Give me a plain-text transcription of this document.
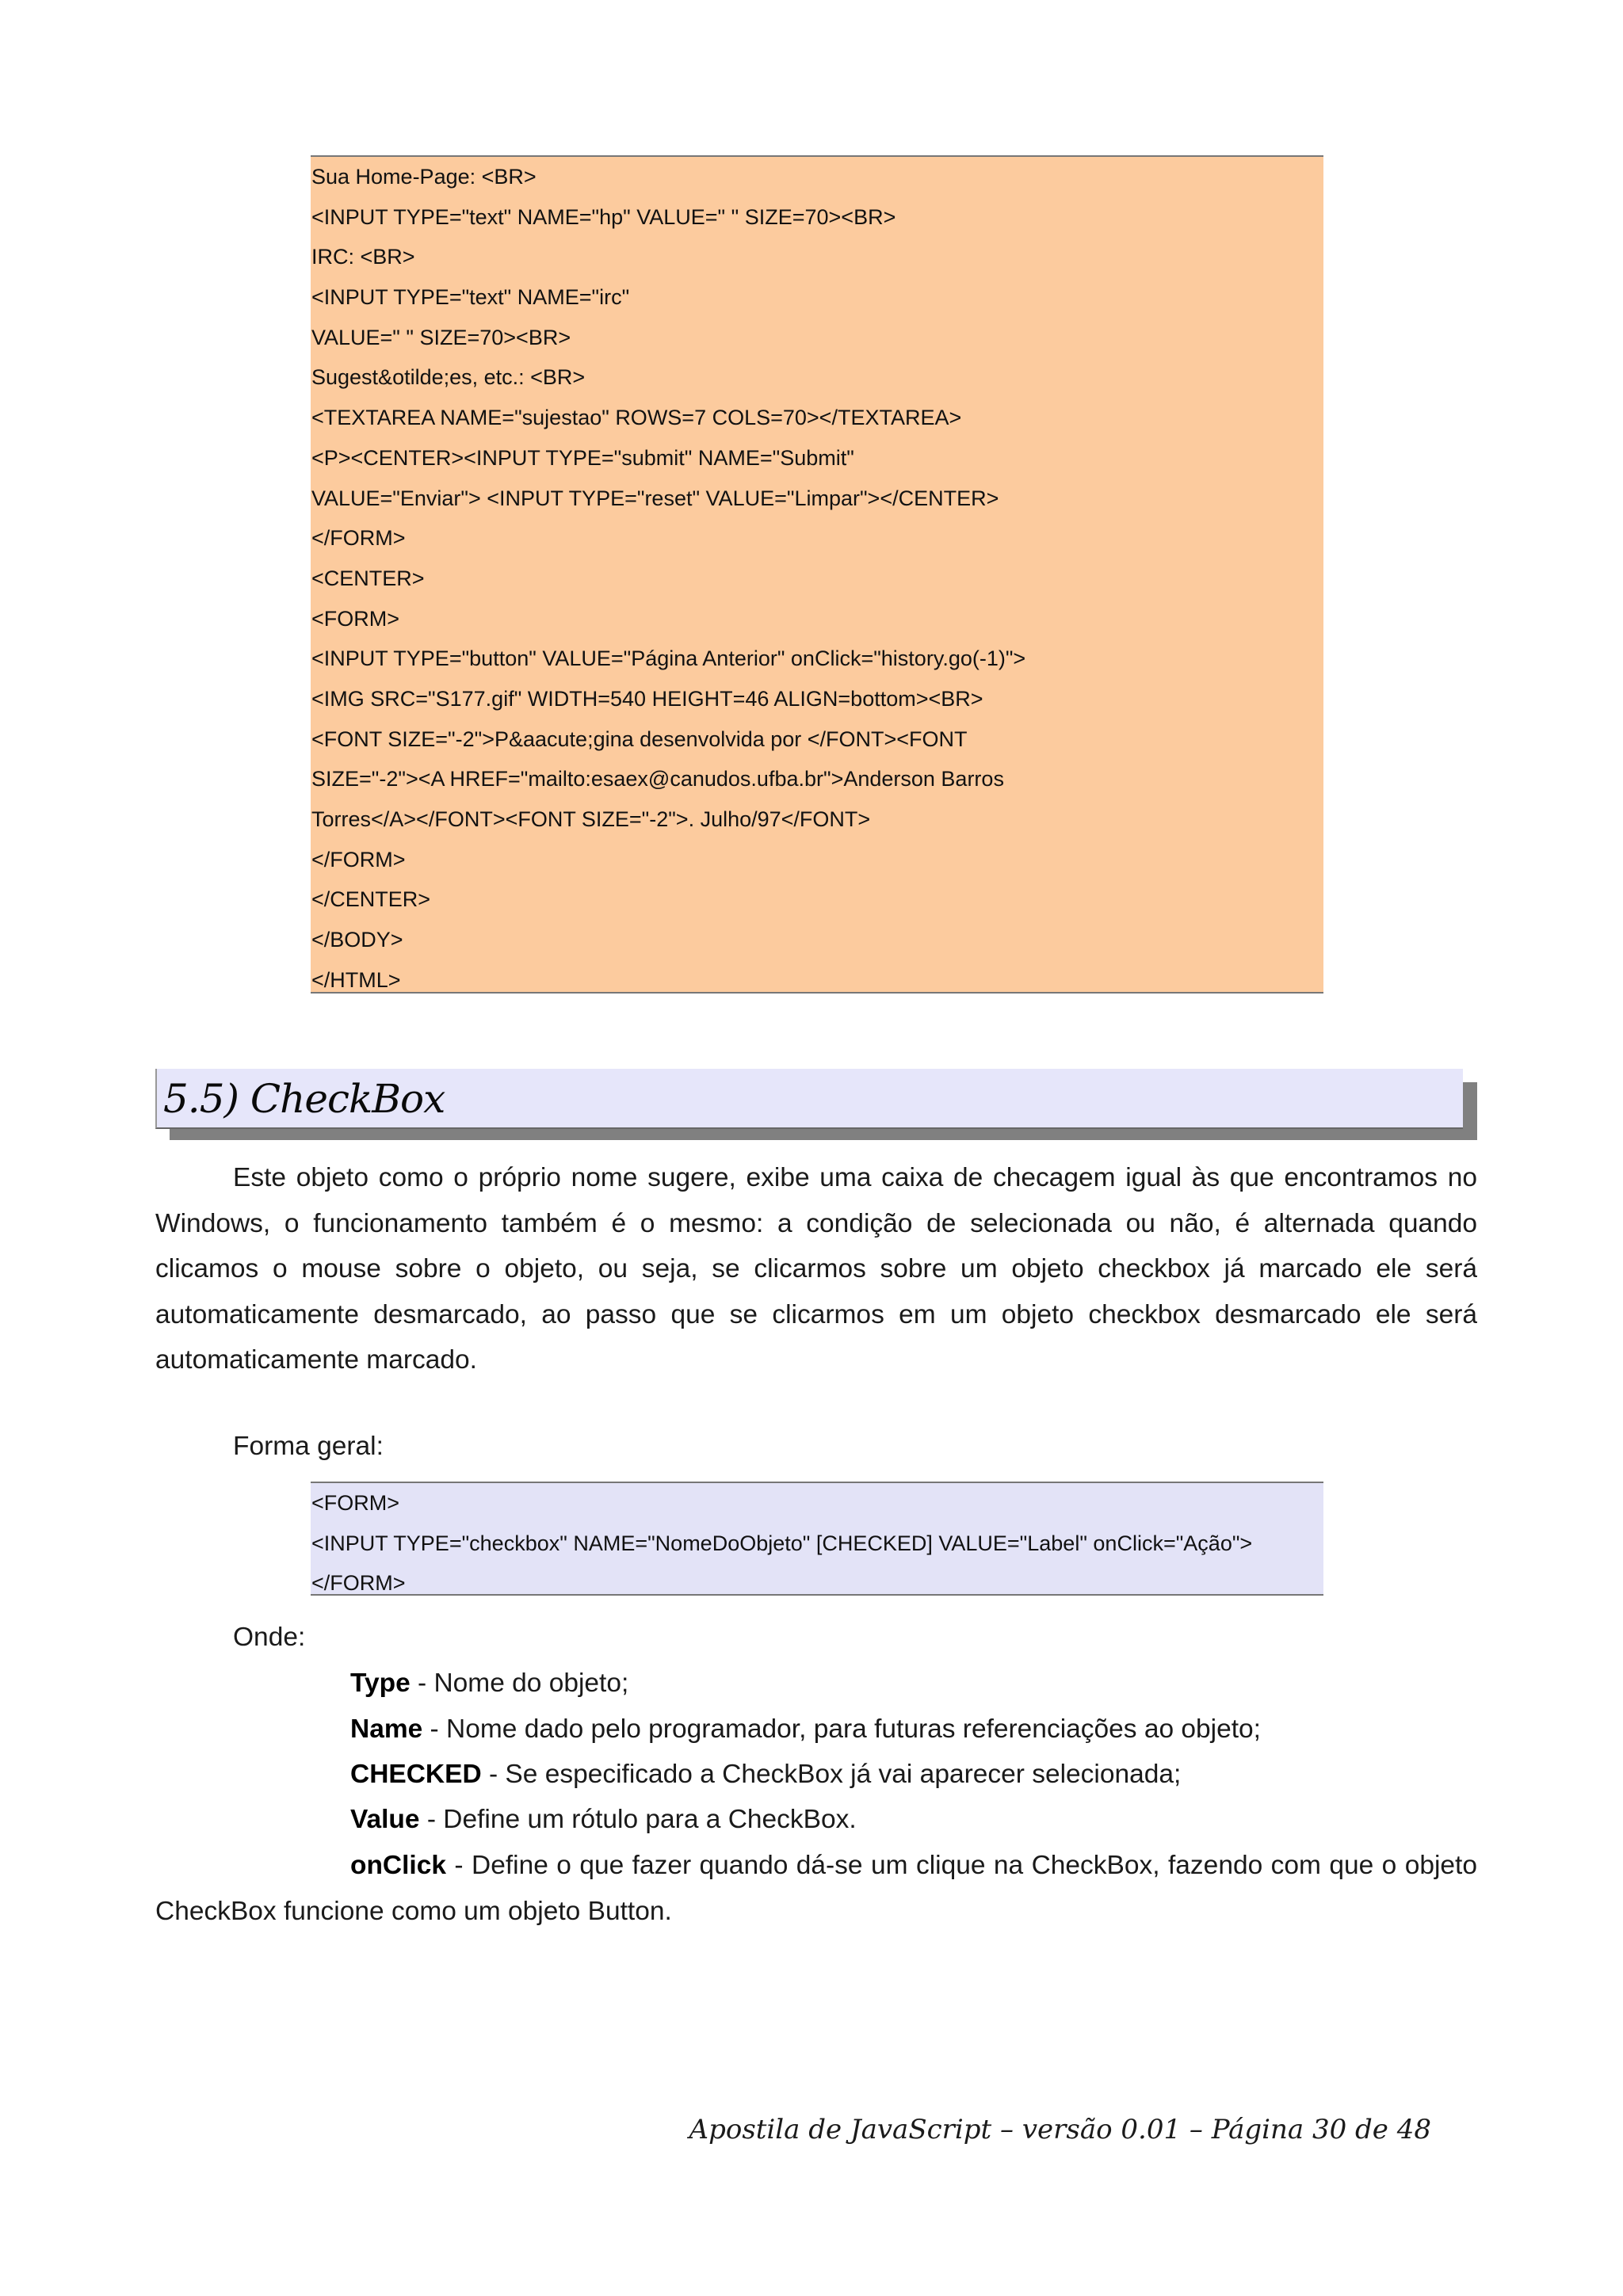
Sua Home-Page: <BR>
<INPUT TYPE="text" NAME="hp" VALUE=" " SIZE=70><BR>
IRC: <BR>
<INPUT TYPE="text" NAME="irc"
VALUE=" " SIZE=70><BR>
Sugest&otilde;es, etc.: <BR>
<TEXTAREA NAME="sujestao" ROWS=7 COLS=70></TEXTAREA>
<P><CENTER><INPUT TYPE="submit" NAME="Submit"
VALUE="Enviar"> <INPUT TYPE="reset" VALUE="Limpar"></CENTER>
</FORM>
<CENTER>
<FORM>
<INPUT TYPE="button" VALUE="Página Anterior" onClick="history.go(-1)">
<IMG SRC="S177.gif" WIDTH=540 HEIGHT=46 ALIGN=bottom><BR>
<FONT SIZE="-2">P&aacute;gina desenvolvida por </FONT><FONT
SIZE="-2"><A HREF="mailto:esaex@canudos.ufba.br">Anderson Barros
Torres</A></FONT><FONT SIZE="-2">. Julho/97</FONT>
</FORM>
</CENTER>
</BODY>
</HTML>
5.5) CheckBox
Este objeto como o próprio nome sugere, exibe uma caixa de checagem igual às que encontramos no Windows, o funcionamento também é o mesmo: a condição de selecionada ou não, é alternada quando clicamos o mouse sobre o objeto, ou seja, se clicarmos sobre um objeto checkbox já marcado ele será automaticamente desmarcado, ao passo que se clicarmos em um objeto checkbox desmarcado ele será automaticamente marcado.
Forma geral:
<FORM>
<INPUT TYPE="checkbox" NAME="NomeDoObjeto" [CHECKED] VALUE="Label" onClick="Ação">
</FORM>
Onde:
Type - Nome do objeto;
Name - Nome dado pelo programador, para futuras referenciações ao objeto;
CHECKED - Se especificado a CheckBox já vai aparecer selecionada;
Value - Define um rótulo para a CheckBox.
onClick - Define o que fazer quando dá-se um clique na CheckBox, fazendo com que o objeto CheckBox funcione como um objeto Button.
Apostila de JavaScript – versão 0.01 – Página 30 de 48
